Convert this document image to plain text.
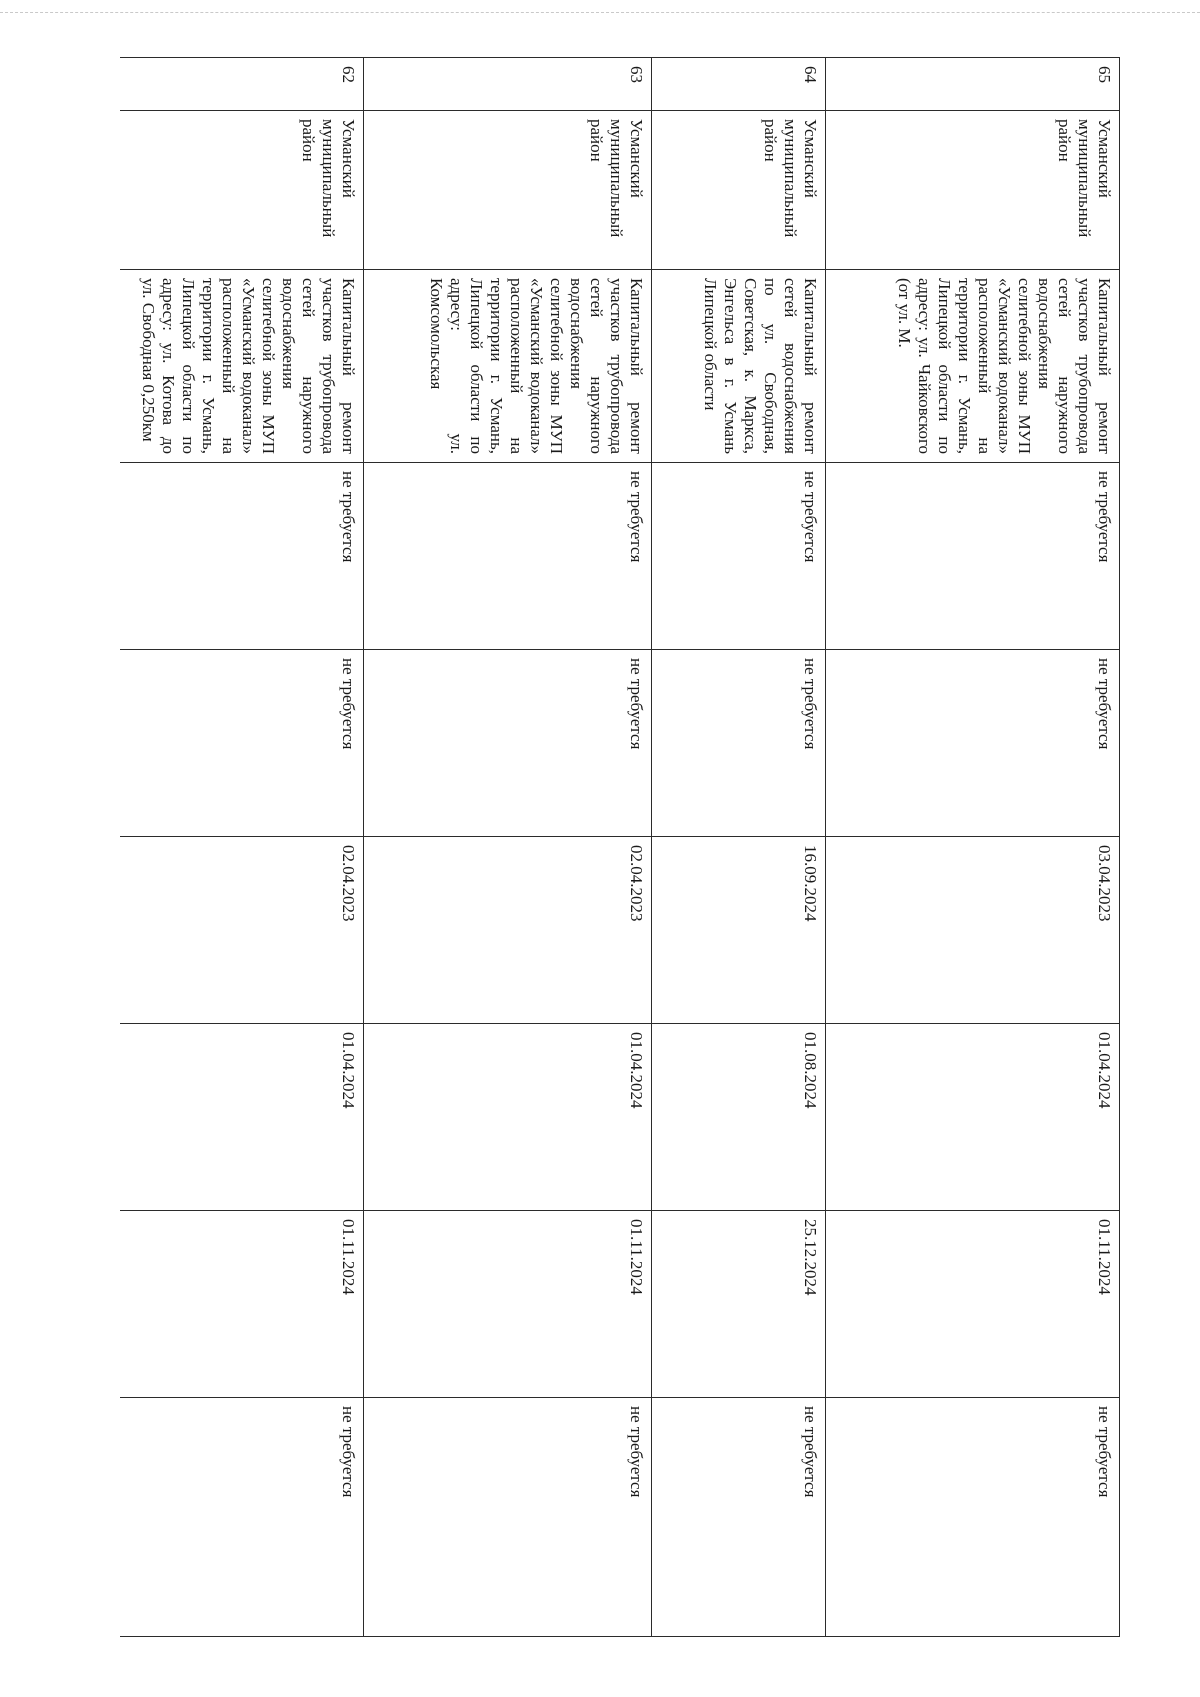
65	Усманский муниципальный район	Капитальный ремонт участков трубопровода сетей наружного водоснабжения селитебной зоны МУП «Усманский водоканал» расположенный на территории г. Усмань, Липецкой области по адресу: ул. Чайковского (от ул. М.	не требуется	не требуется	03.04.2023	01.04.2024	01.11.2024	не требуется
64	Усманский муниципальный район	Капитальный ремонт сетей водоснабжения по ул. Свободная, Советская, к. Маркса, Энгельса в г. Усмань Липецкой области	не требуется	не требуется	16.09.2024	01.08.2024	25.12.2024	не требуется
63	Усманский муниципальный район	Капитальный ремонт участков трубопровода сетей наружного водоснабжения селитебной зоны МУП «Усманский водоканал» расположенный на территории г. Усмань, Липецкой области по адресу: ул. Комсомольская	не требуется	не требуется	02.04.2023	01.04.2024	01.11.2024	не требуется
62	Усманский муниципальный район	Капитальный ремонт участков трубопровода сетей наружного водоснабжения селитебной зоны МУП «Усманский водоканал» расположенный на территории г. Усмань, Липецкой области по адресу: ул. Котова до ул. Свободная 0,250км	не требуется	не требуется	02.04.2023	01.04.2024	01.11.2024	не требуется
